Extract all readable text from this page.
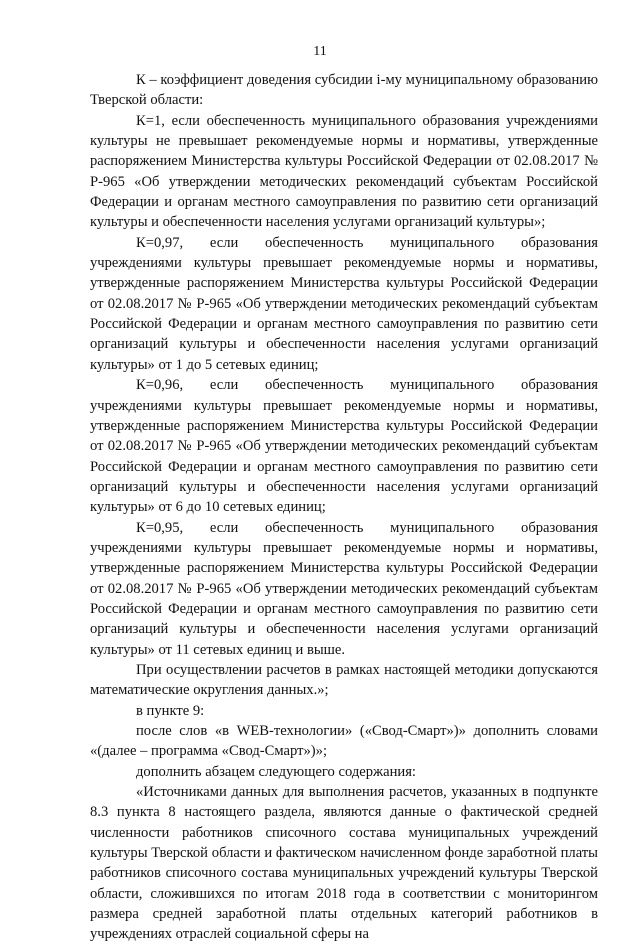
11

К – коэффициент доведения субсидии i-му муниципальному образованию Тверской области:

К=1, если обеспеченность муниципального образования учреждениями культуры не превышает рекомендуемые нормы и нормативы, утвержденные распоряжением Министерства культуры Российской Федерации от 02.08.2017 № Р-965 «Об утверждении методических рекомендаций субъектам Российской Федерации и органам местного самоуправления по развитию сети организаций культуры и обеспеченности населения услугами организаций культуры»;

К=0,97, если обеспеченность муниципального образования учреждениями культуры превышает рекомендуемые нормы и нормативы, утвержденные распоряжением Министерства культуры Российской Федерации от 02.08.2017 № Р-965 «Об утверждении методических рекомендаций субъектам Российской Федерации и органам местного самоуправления по развитию сети организаций культуры и обеспеченности населения услугами организаций культуры» от 1 до 5 сетевых единиц;

К=0,96, если обеспеченность муниципального образования учреждениями культуры превышает рекомендуемые нормы и нормативы, утвержденные распоряжением Министерства культуры Российской Федерации от 02.08.2017 № Р-965 «Об утверждении методических рекомендаций субъектам Российской Федерации и органам местного самоуправления по развитию сети организаций культуры и обеспеченности населения услугами организаций культуры» от 6 до 10 сетевых единиц;

К=0,95, если обеспеченность муниципального образования учреждениями культуры превышает рекомендуемые нормы и нормативы, утвержденные распоряжением Министерства культуры Российской Федерации от 02.08.2017 № Р-965 «Об утверждении методических рекомендаций субъектам Российской Федерации и органам местного самоуправления по развитию сети организаций культуры и обеспеченности населения услугами организаций культуры» от 11 сетевых единиц и выше.

При осуществлении расчетов в рамках настоящей методики допускаются математические округления данных.»;

в пункте 9:

после слов «в WEB-технологии» («Свод-Смарт»)» дополнить словами «(далее – программа «Свод-Смарт»)»;

дополнить абзацем следующего содержания:

«Источниками данных для выполнения расчетов, указанных в подпункте 8.3 пункта 8 настоящего раздела, являются данные о фактической средней численности работников списочного состава муниципальных учреждений культуры Тверской области и фактическом начисленном фонде заработной платы работников списочного состава муниципальных учреждений культуры Тверской области, сложившихся по итогам 2018 года в соответствии с мониторингом размера средней заработной платы отдельных категорий работников в учреждениях отраслей социальной сферы на
